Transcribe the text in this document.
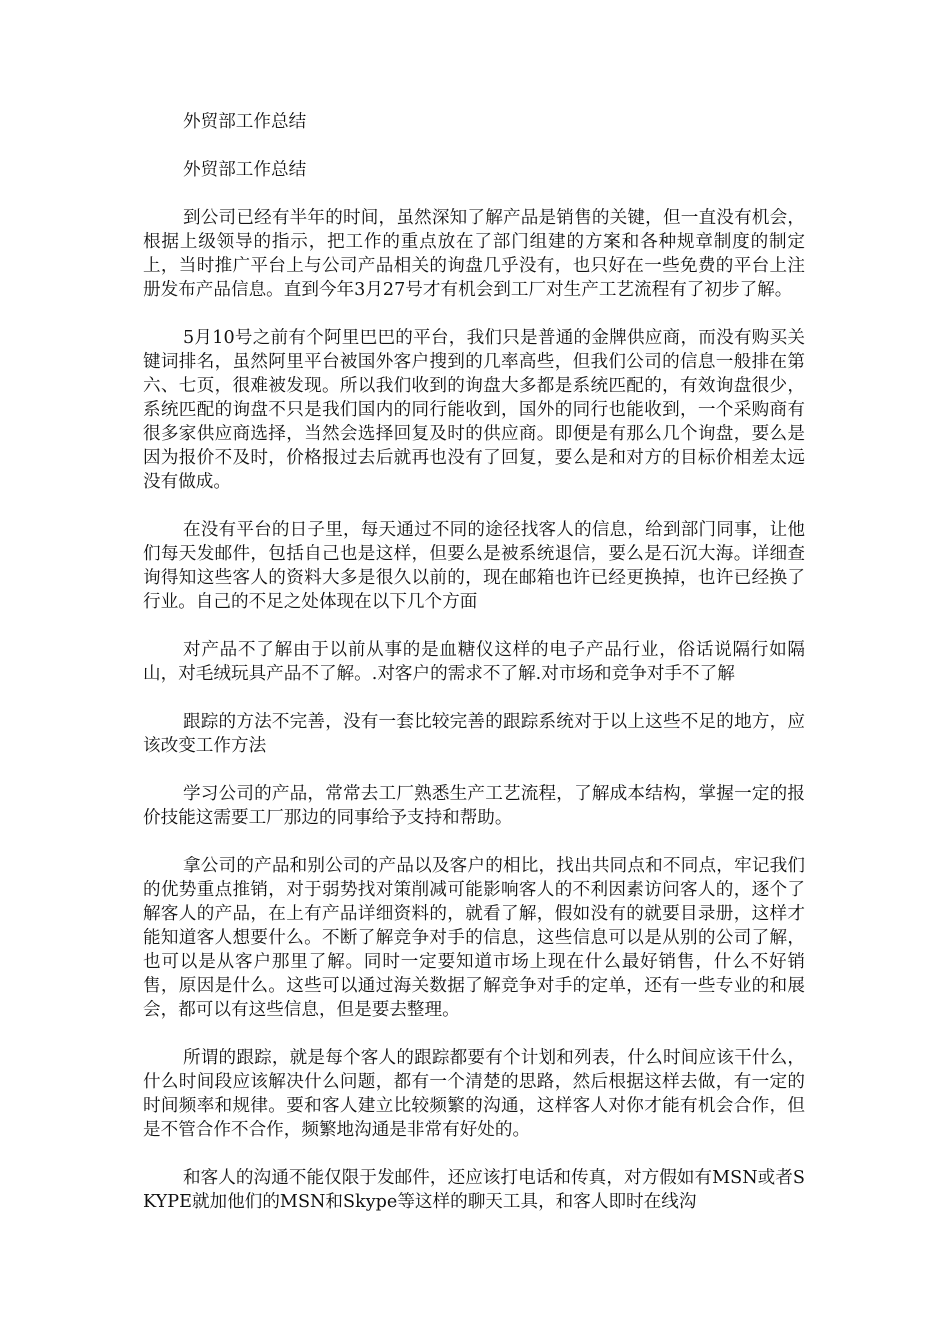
外贸部工作总结

外贸部工作总结

到公司已经有半年的时间，虽然深知了解产品是销售的关键，但一直没有机会，根据上级领导的指示，把工作的重点放在了部门组建的方案和各种规章制度的制定上，当时推广平台上与公司产品相关的询盘几乎没有，也只好在一些免费的平台上注册发布产品信息。直到今年3月27号才有机会到工厂对生产工艺流程有了初步了解。

5月10号之前有个阿里巴巴的平台，我们只是普通的金牌供应商，而没有购买关键词排名，虽然阿里平台被国外客户搜到的几率高些，但我们公司的信息一般排在第六、七页，很难被发现。所以我们收到的询盘大多都是系统匹配的，有效询盘很少，系统匹配的询盘不只是我们国内的同行能收到，国外的同行也能收到，一个采购商有很多家供应商选择，当然会选择回复及时的供应商。即便是有那么几个询盘，要么是因为报价不及时，价格报过去后就再也没有了回复，要么是和对方的目标价相差太远没有做成。

在没有平台的日子里，每天通过不同的途径找客人的信息，给到部门同事，让他们每天发邮件，包括自己也是这样，但要么是被系统退信，要么是石沉大海。详细查询得知这些客人的资料大多是很久以前的，现在邮箱也许已经更换掉，也许已经换了行业。自己的不足之处体现在以下几个方面

对产品不了解由于以前从事的是血糖仪这样的电子产品行业，俗话说隔行如隔山，对毛绒玩具产品不了解。.对客户的需求不了解.对市场和竞争对手不了解

跟踪的方法不完善，没有一套比较完善的跟踪系统对于以上这些不足的地方，应该改变工作方法

学习公司的产品，常常去工厂熟悉生产工艺流程，了解成本结构，掌握一定的报价技能这需要工厂那边的同事给予支持和帮助。

拿公司的产品和别公司的产品以及客户的相比，找出共同点和不同点，牢记我们的优势重点推销，对于弱势找对策削减可能影响客人的不利因素访问客人的，逐个了解客人的产品，在上有产品详细资料的，就看了解，假如没有的就要目录册，这样才能知道客人想要什么。不断了解竞争对手的信息，这些信息可以是从别的公司了解，也可以是从客户那里了解。同时一定要知道市场上现在什么最好销售，什么不好销售，原因是什么。这些可以通过海关数据了解竞争对手的定单，还有一些专业的和展会，都可以有这些信息，但是要去整理。

所谓的跟踪，就是每个客人的跟踪都要有个计划和列表，什么时间应该干什么，什么时间段应该解决什么问题，都有一个清楚的思路，然后根据这样去做，有一定的时间频率和规律。要和客人建立比较频繁的沟通，这样客人对你才能有机会合作，但是不管合作不合作，频繁地沟通是非常有好处的。

和客人的沟通不能仅限于发邮件，还应该打电话和传真，对方假如有MSN或者SKYPE就加他们的MSN和Skype等这样的聊天工具，和客人即时在线沟
